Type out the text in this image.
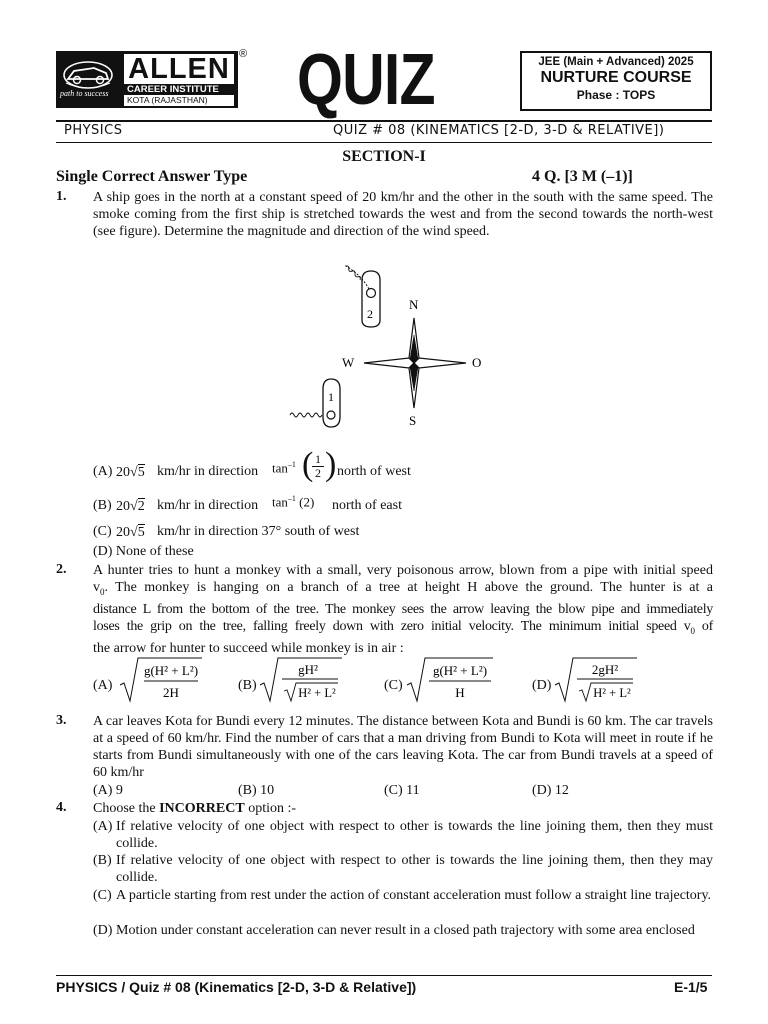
path to success
ALLEN
CAREER INSTITUTE
KOTA (RAJASTHAN)
® QUIZ	JEE (Main + Advanced) 2025
NURTURE COURSE
Phase : TOPS
PHYSICS	QUIZ # 08 (KINEMATICS [2-D, 3-D & RELATIVE])
SECTION-I
Single Correct Answer Type	4 Q. [3 M (–1)]
1. A ship goes in the north at a constant speed of 20 km/hr and the other in the south with the same speed. The smoke coming from the first ship is stretched towards the west and from the second towards the north-west (see figure). Determine the magnitude and direction of the wind speed.
N
S
W	O
2
1
(A) 20√5 km/hr in direction $\tan^{-1}$ (
$\frac{1}{2}$ ) north of west
(B) 20√2 km/hr in direction $\tan^{-1} (2)$ north of east
(C) 20√5 km/hr in direction 37° south of west
(D) None of these
2. A hunter tries to hunt a monkey with a small, very poisonous arrow, blown from a pipe with initial speed
$v_0$. The monkey is hanging on a branch of a tree at height H above the ground. The hunter is at a
distance L from the bottom of the tree. The monkey sees the arrow leaving the blow pipe and immediately
loses the grip on the tree, falling freely down with zero initial velocity. The minimum initial speed $v_0$ of
the arrow for hunter to succeed while monkey is in air :
(A)
g(H² + L²)
2H	(B)
gH²
H² + L²	(C)
g(H² + L²)
H	(D)
2gH²
H² + L²
3. A car leaves Kota for Bundi every 12 minutes. The distance between Kota and Bundi is 60 km. The car travels at a speed of 60 km/hr. Find the number of cars that a man driving from Bundi to Kota will meet in route if he starts from Bundi simultaneously with one of the cars leaving Kota. The car from Bundi travels at a speed of 60 km/hr
(A) 9	(B) 10	(C) 11	(D) 12
4. Choose the INCORRECT option :-
(A) If relative velocity of one object with respect to other is towards the line joining them, then they must collide.
(B) If relative velocity of one object with respect to other is towards the line joining them, then they may collide.
(C) A particle starting from rest under the action of constant acceleration must follow a straight line trajectory.
(D) Motion under constant acceleration can never result in a closed path trajectory with some area enclosed
PHYSICS / Quiz # 08 (Kinematics [2-D, 3-D & Relative])	E-1/5
